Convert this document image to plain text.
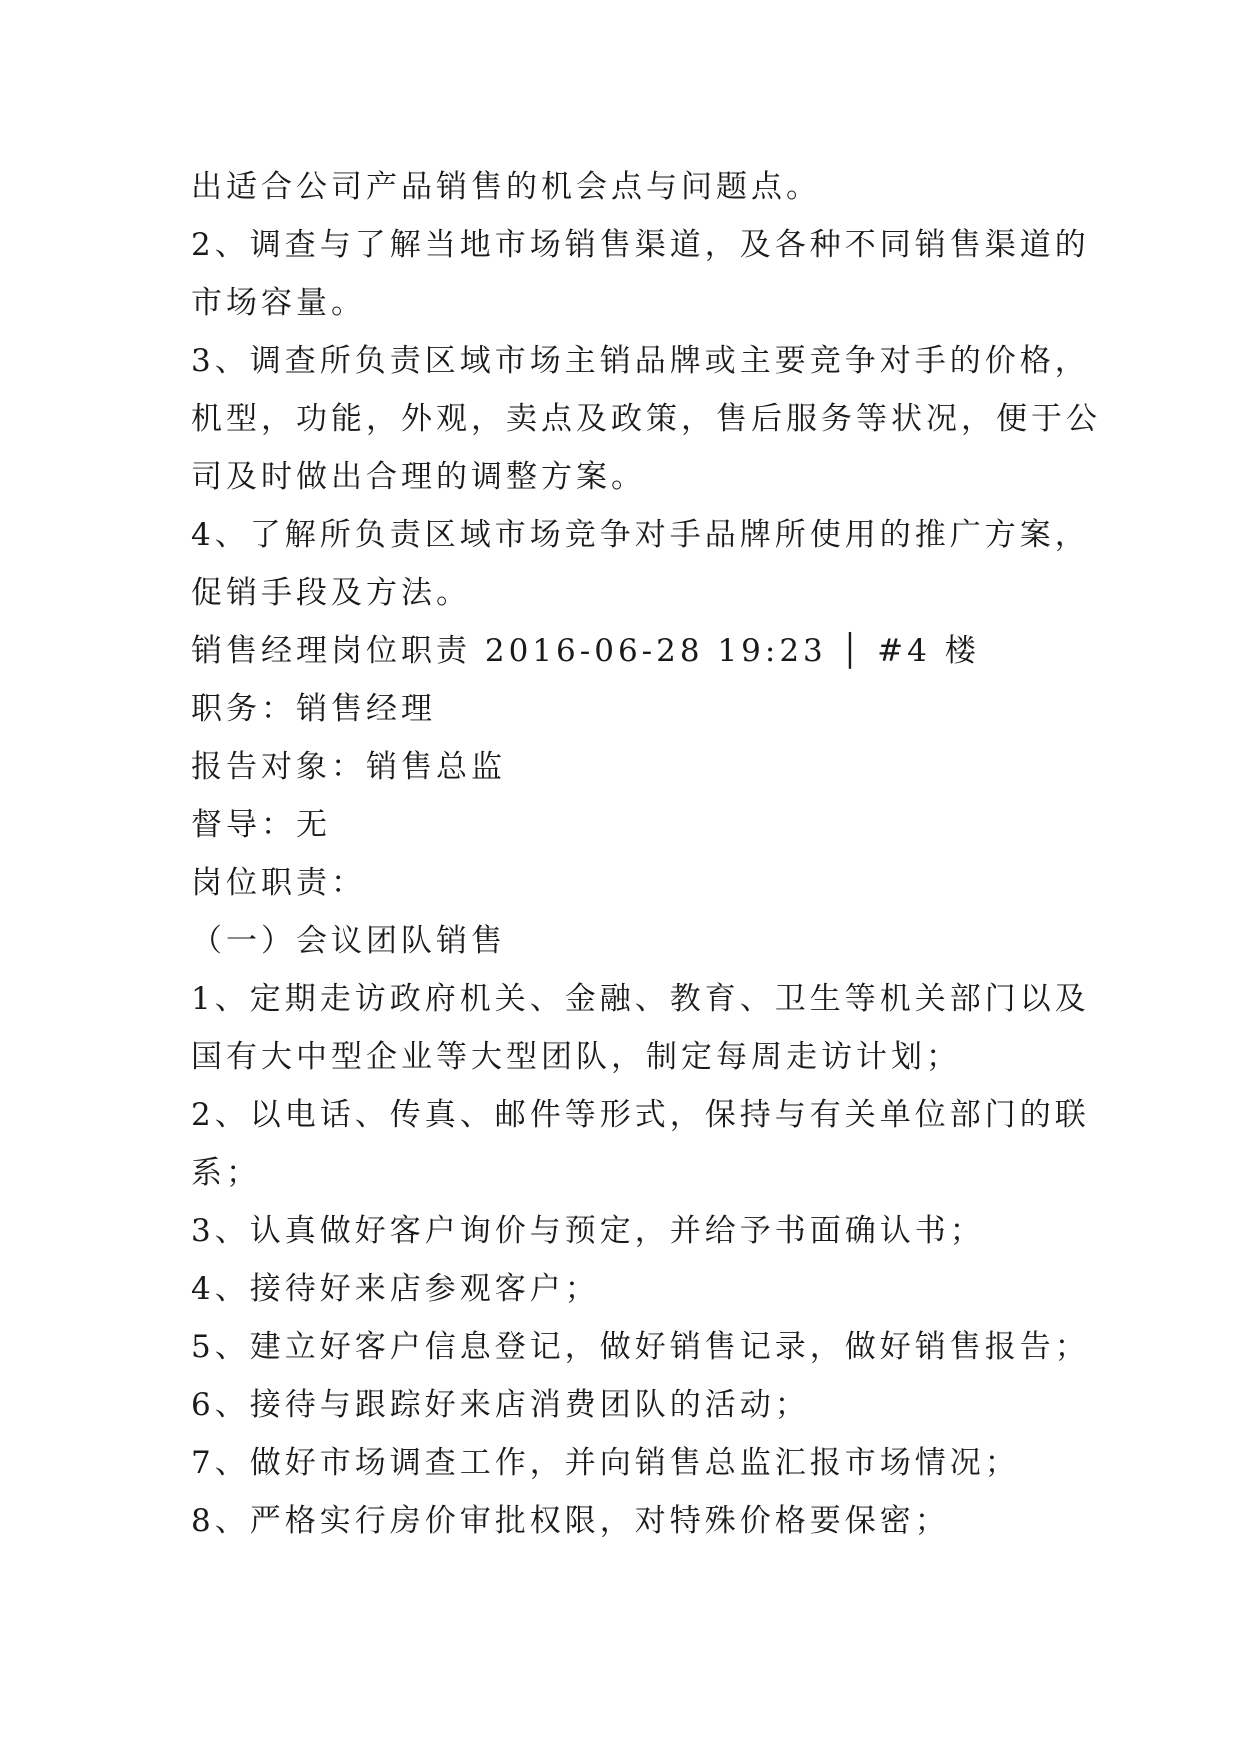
出适合公司产品销售的机会点与问题点。
2、调查与了解当地市场销售渠道，及各种不同销售渠道的
市场容量。
3、调查所负责区域市场主销品牌或主要竞争对手的价格，
机型，功能，外观，卖点及政策，售后服务等状况，便于公
司及时做出合理的调整方案。
4、了解所负责区域市场竞争对手品牌所使用的推广方案，
促销手段及方法。
销售经理岗位职责 2016-06-28 19:23 │ #4 楼
职务：销售经理
报告对象：销售总监
督导：无
岗位职责：
（一）会议团队销售
1、定期走访政府机关、金融、教育、卫生等机关部门以及
国有大中型企业等大型团队，制定每周走访计划；
2、以电话、传真、邮件等形式，保持与有关单位部门的联
系；
3、认真做好客户询价与预定，并给予书面确认书；
4、接待好来店参观客户；
5、建立好客户信息登记，做好销售记录，做好销售报告；
6、接待与跟踪好来店消费团队的活动；
7、做好市场调查工作，并向销售总监汇报市场情况；
8、严格实行房价审批权限，对特殊价格要保密；
